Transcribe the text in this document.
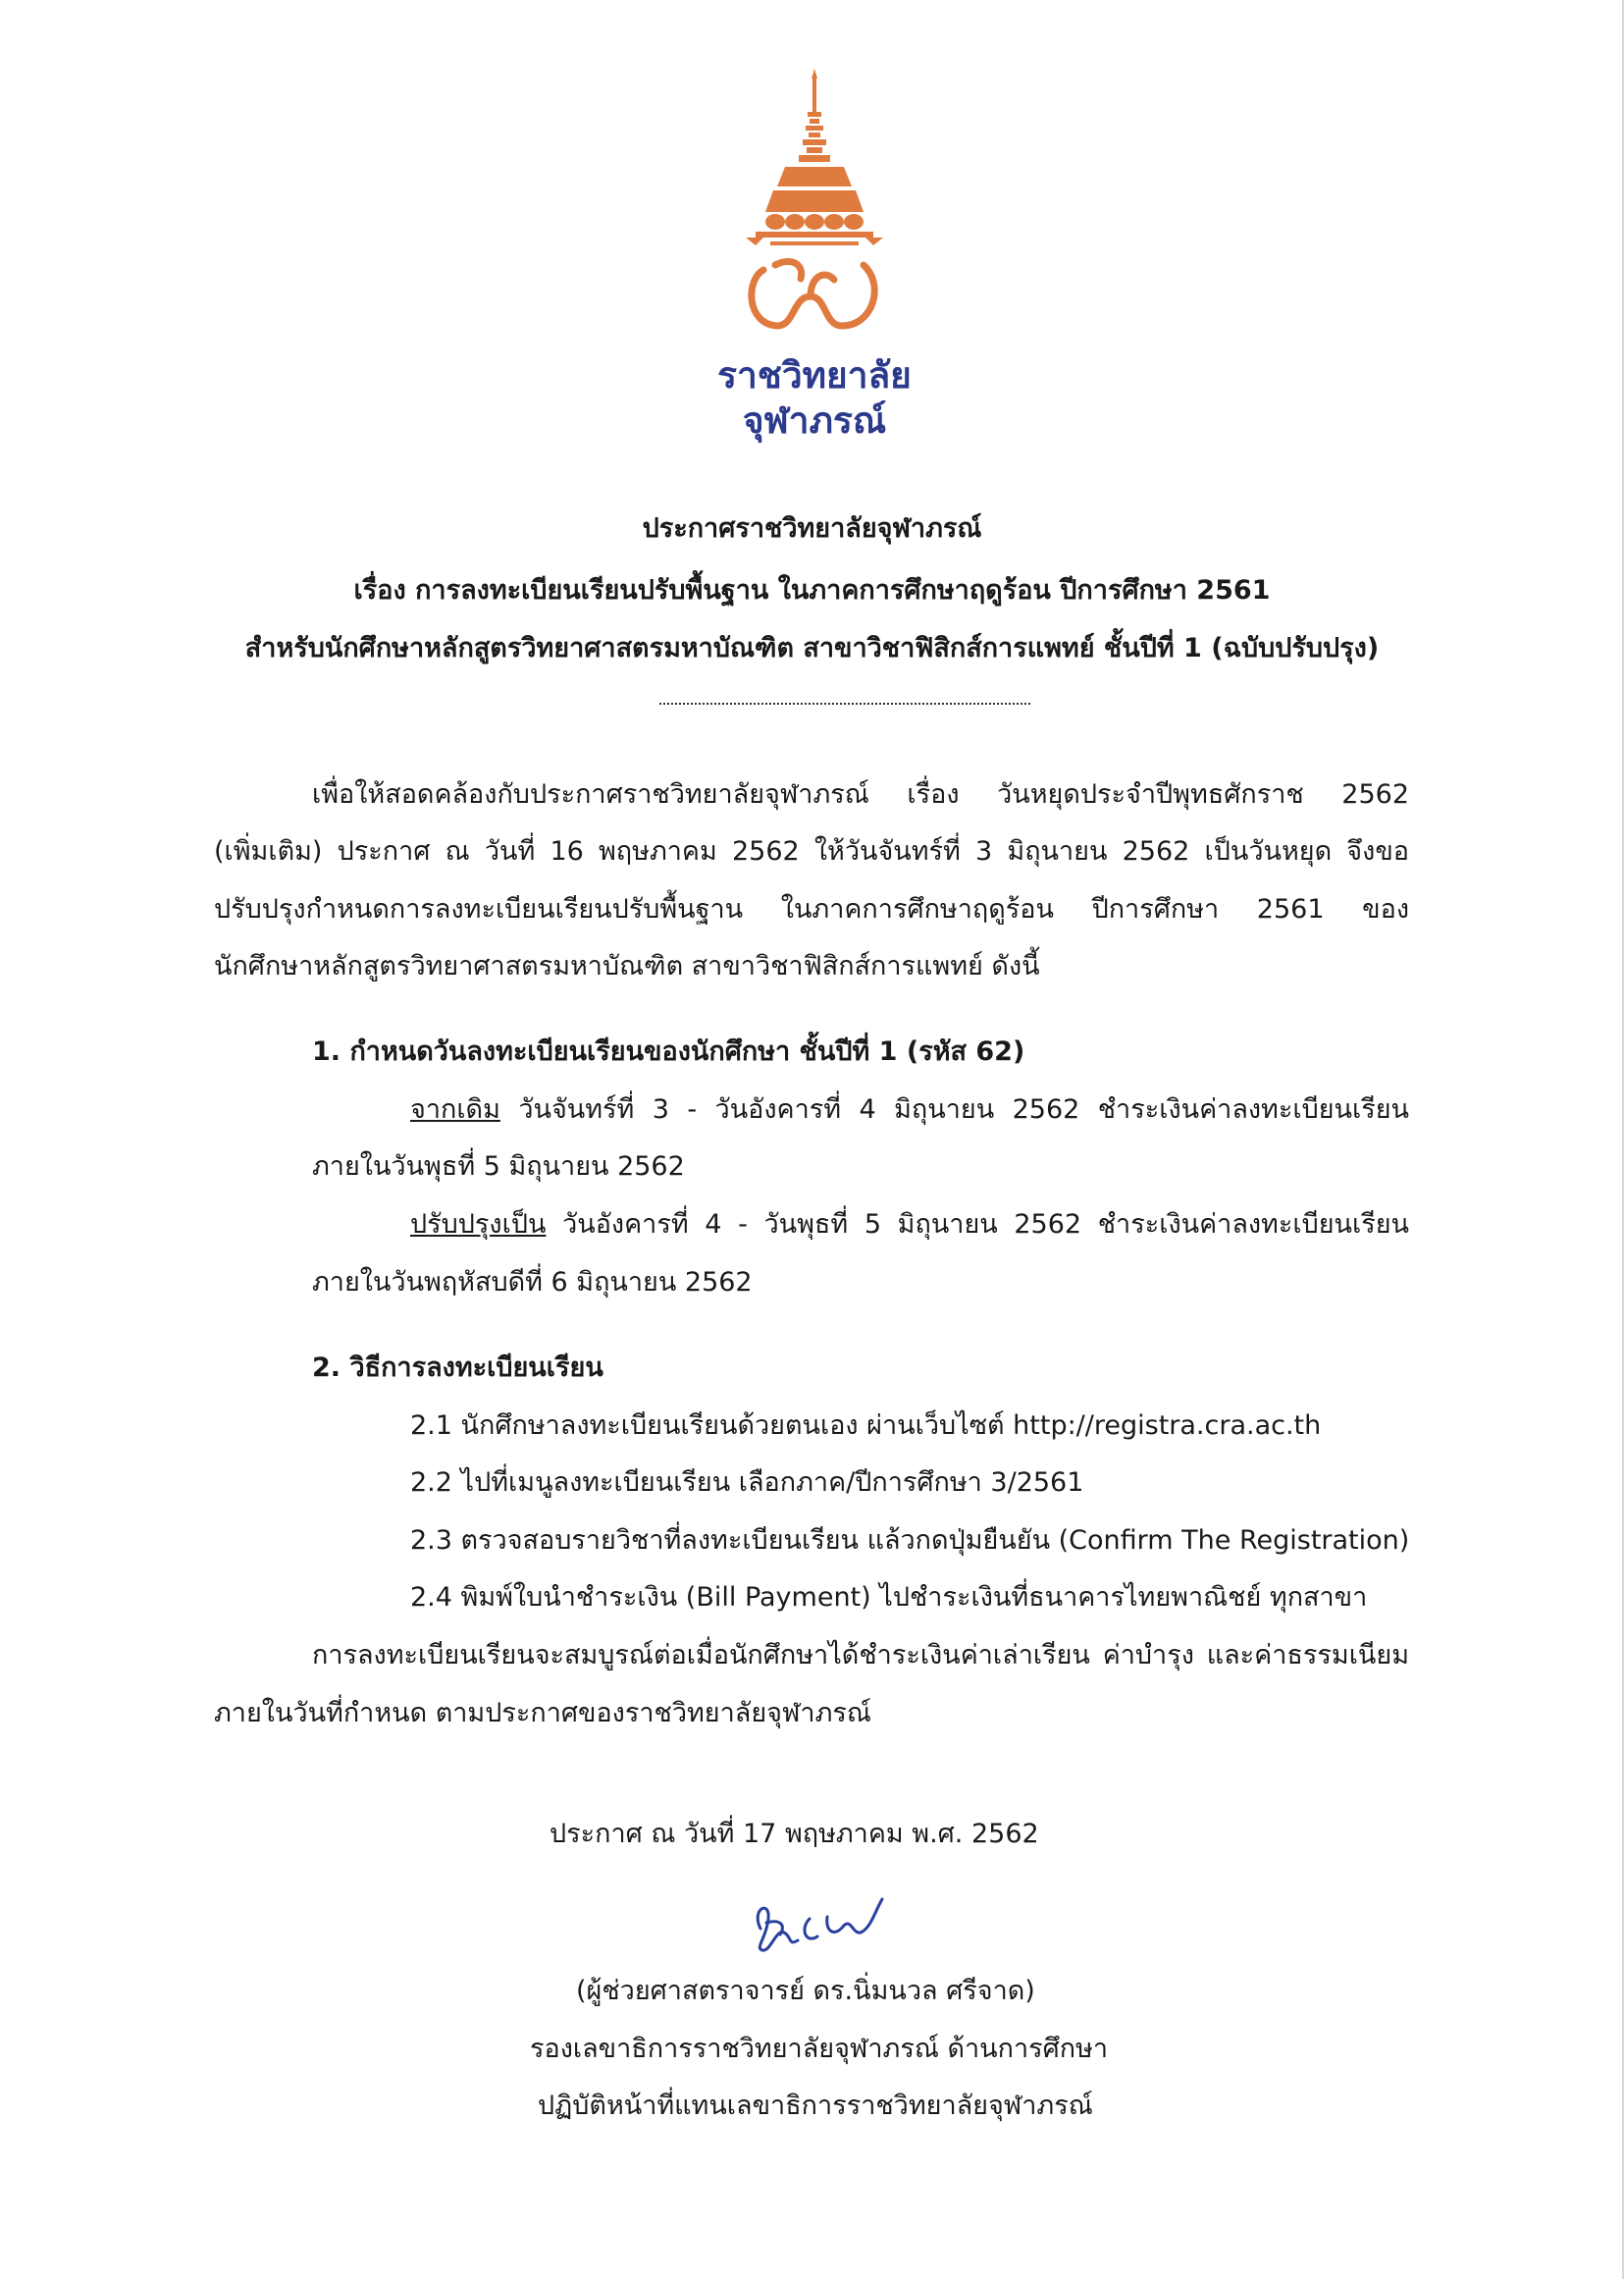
ราชวิทยาลัย
จุฬาภรณ์
ประกาศราชวิทยาลัยจุฬาภรณ์
เรื่อง การลงทะเบียนเรียนปรับพื้นฐาน ในภาคการศึกษาฤดูร้อน ปีการศึกษา 2561
สำหรับนักศึกษาหลักสูตรวิทยาศาสตรมหาบัณฑิต สาขาวิชาฟิสิกส์การแพทย์ ชั้นปีที่ 1 (ฉบับปรับปรุง)
เพื่อให้สอดคล้องกับประกาศราชวิทยาลัยจุฬาภรณ์ เรื่อง วันหยุดประจำปีพุทธศักราช 2562
(เพิ่มเติม) ประกาศ ณ วันที่ 16 พฤษภาคม 2562 ให้วันจันทร์ที่ 3 มิถุนายน 2562 เป็นวันหยุด จึงขอ
ปรับปรุงกำหนดการลงทะเบียนเรียนปรับพื้นฐาน ในภาคการศึกษาฤดูร้อน ปีการศึกษา 2561 ของ
นักศึกษาหลักสูตรวิทยาศาสตรมหาบัณฑิต สาขาวิชาฟิสิกส์การแพทย์ ดังนี้
1. กำหนดวันลงทะเบียนเรียนของนักศึกษา ชั้นปีที่ 1 (รหัส 62)
จากเดิม วันจันทร์ที่ 3 - วันอังคารที่ 4 มิถุนายน 2562 ชำระเงินค่าลงทะเบียนเรียน
ภายในวันพุธที่ 5 มิถุนายน 2562
ปรับปรุงเป็น วันอังคารที่ 4 - วันพุธที่ 5 มิถุนายน 2562 ชำระเงินค่าลงทะเบียนเรียน
ภายในวันพฤหัสบดีที่ 6 มิถุนายน 2562
2. วิธีการลงทะเบียนเรียน
2.1 นักศึกษาลงทะเบียนเรียนด้วยตนเอง ผ่านเว็บไซต์ http://registra.cra.ac.th
2.2 ไปที่เมนูลงทะเบียนเรียน เลือกภาค/ปีการศึกษา 3/2561
2.3 ตรวจสอบรายวิชาที่ลงทะเบียนเรียน แล้วกดปุ่มยืนยัน (Confirm The Registration)
2.4 พิมพ์ใบนำชำระเงิน (Bill Payment) ไปชำระเงินที่ธนาคารไทยพาณิชย์ ทุกสาขา
การลงทะเบียนเรียนจะสมบูรณ์ต่อเมื่อนักศึกษาได้ชำระเงินค่าเล่าเรียน ค่าบำรุง และค่าธรรมเนียม
ภายในวันที่กำหนด ตามประกาศของราชวิทยาลัยจุฬาภรณ์
ประกาศ ณ วันที่ 17 พฤษภาคม พ.ศ. 2562
(ผู้ช่วยศาสตราจารย์ ดร.นิ่มนวล ศรีจาด)
รองเลขาธิการราชวิทยาลัยจุฬาภรณ์ ด้านการศึกษา
ปฏิบัติหน้าที่แทนเลขาธิการราชวิทยาลัยจุฬาภรณ์
